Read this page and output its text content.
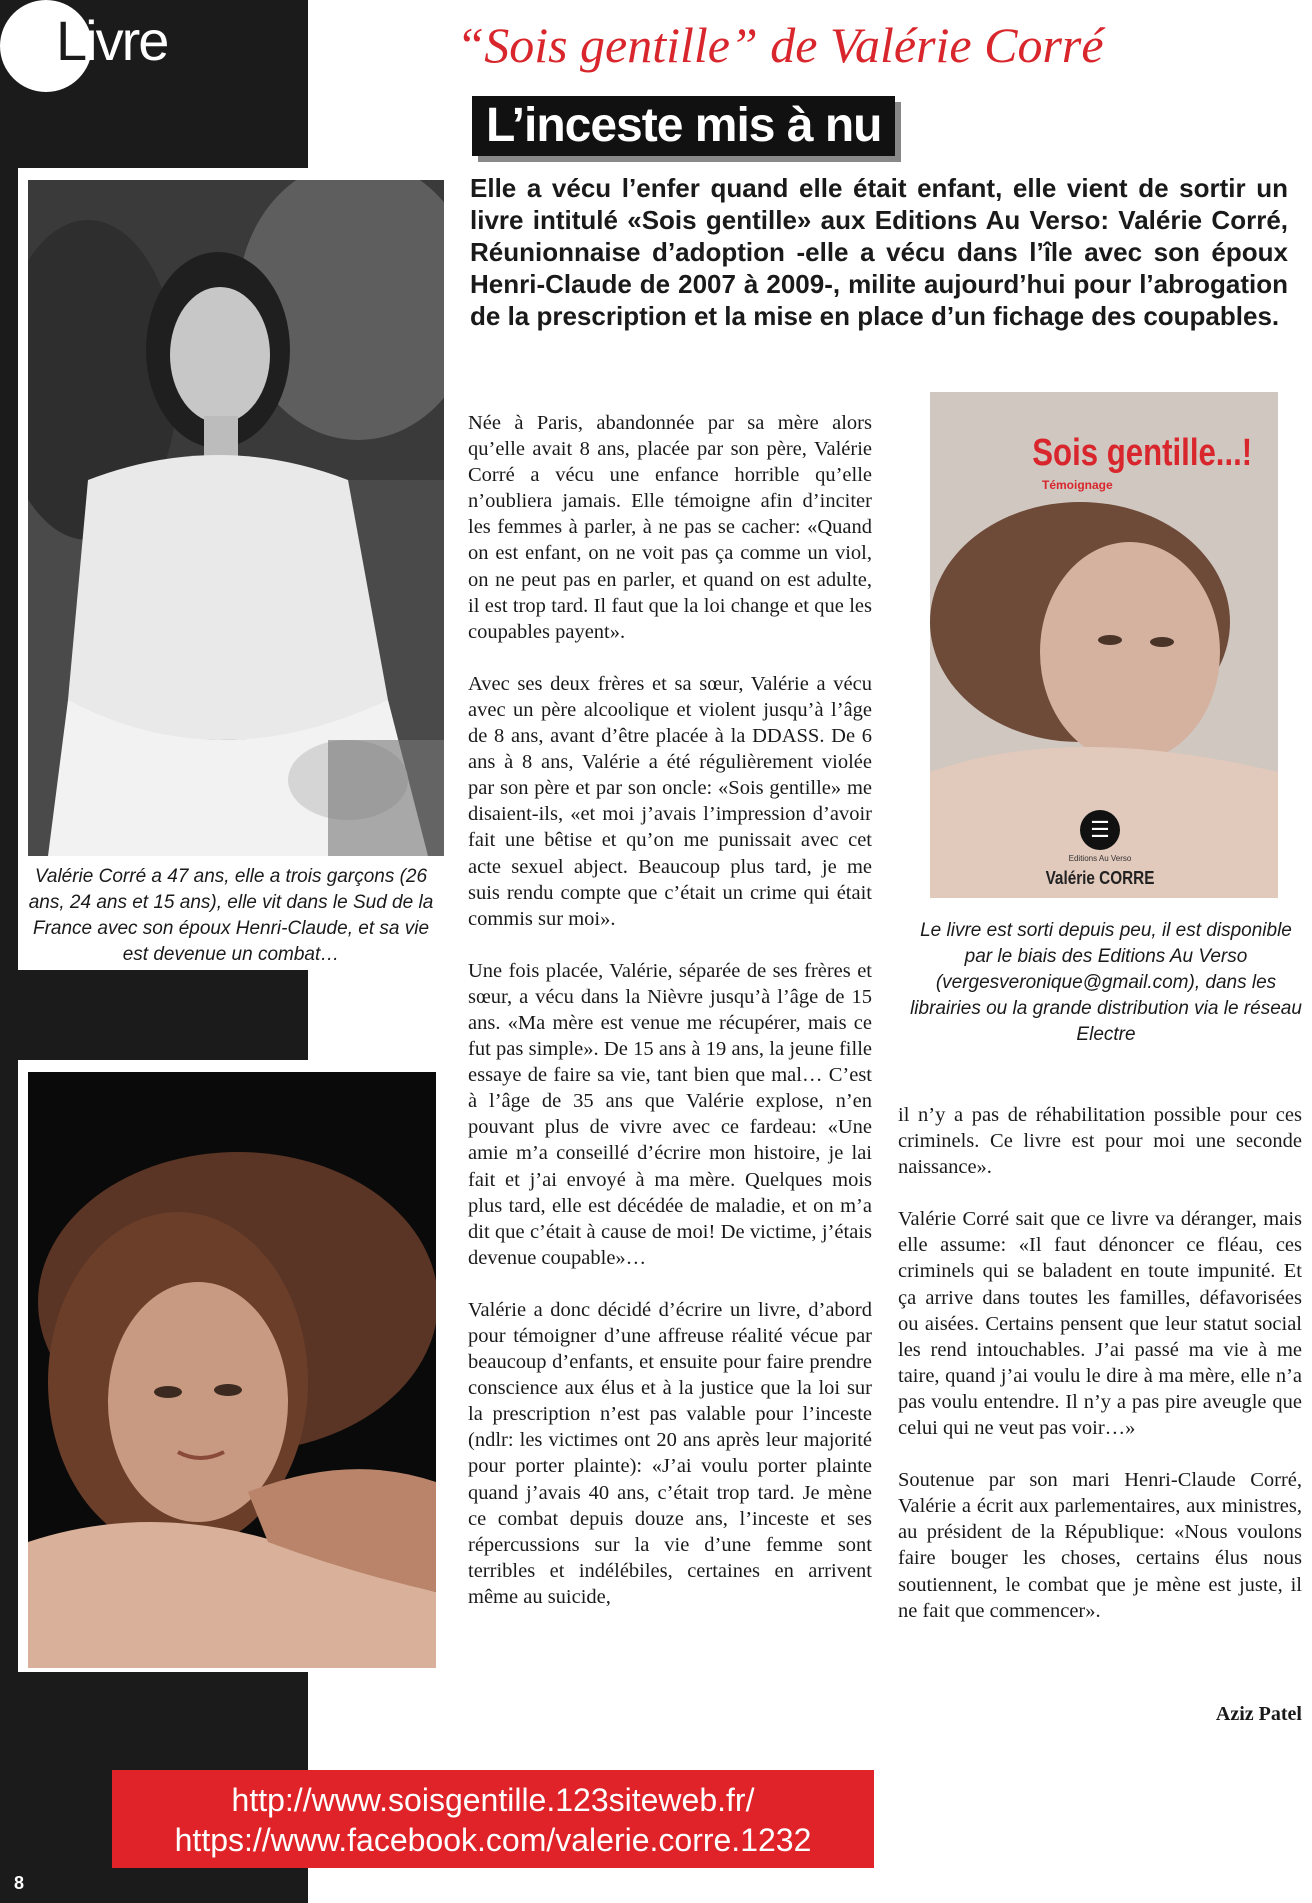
Livre	“Sois gentille” de Valérie Corré
L’inceste mis à nu
Elle a vécu l’enfer quand elle était enfant, elle vient de sortir un livre intitulé «Sois gentille» aux Editions Au Verso: Valérie Corré, Réunionnaise d’adoption -elle a vécu dans l’île avec son époux Henri-Claude de 2007 à 2009-, milite aujourd’hui pour l’abrogation de la prescription et la mise en place d’un fichage des coupables.
Valérie Corré a 47 ans, elle a trois garçons (26 ans, 24 ans et 15 ans), elle vit dans le Sud de la France avec son époux Henri-Claude, et sa vie est devenue un combat…
Sois gentille...!
Témoignage
☰
Editions Au Verso
Valérie CORRE
Le livre est sorti depuis peu, il est disponible par le biais des Editions Au Verso (vergesveronique@gmail.com), dans les librairies ou la grande distribution via le réseau Electre

Née à Paris, abandonnée par sa mère alors qu’elle avait 8 ans, placée par son père, Valérie Corré a vécu une enfance horrible qu’elle n’oubliera jamais. Elle témoigne afin d’inciter les femmes à parler, à ne pas se cacher: «Quand on est enfant, on ne voit pas ça comme un viol, on ne peut pas en parler, et quand on est adulte, il est trop tard. Il faut que la loi change et que les coupables payent».

Avec ses deux frères et sa sœur, Valérie a vécu avec un père alcoolique et violent jusqu’à l’âge de 8 ans, avant d’être placée à la DDASS. De 6 ans à 8 ans, Valérie a été régulièrement violée par son père et par son oncle: «Sois gentille» me disaient-ils, «et moi j’avais l’impression d’avoir fait une bêtise et qu’on me punissait avec cet acte sexuel abject. Beaucoup plus tard, je me suis rendu compte que c’était un crime qui était commis sur moi».

Une fois placée, Valérie, séparée de ses frères et sœur, a vécu dans la Nièvre jusqu’à l’âge de 15 ans. «Ma mère est venue me récupérer, mais ce fut pas simple». De 15 ans à 19 ans, la jeune fille essaye de faire sa vie, tant bien que mal… C’est à l’âge de 35 ans que Valérie explose, n’en pouvant plus de vivre avec ce fardeau: «Une amie m’a conseillé d’écrire mon histoire, je lai fait et j’ai envoyé à ma mère. Quelques mois plus tard, elle est décédée de maladie, et on m’a dit que c’était à cause de moi! De victime, j’étais devenue coupable»…

Valérie a donc décidé d’écrire un livre, d’abord pour témoigner d’une affreuse réalité vécue par beaucoup d’enfants, et ensuite pour faire prendre conscience aux élus et à la justice que la loi sur la prescription n’est pas valable pour l’inceste (ndlr: les victimes ont 20 ans après leur majorité pour porter plainte): «J’ai voulu porter plainte quand j’avais 40 ans, c’était trop tard. Je mène ce combat depuis douze ans, l’inceste et ses répercussions sur la vie d’une femme sont terribles et indélébiles, certaines en arrivent même au suicide,

il n’y a pas de réhabilitation possible pour ces criminels. Ce livre est pour moi une seconde naissance».

Valérie Corré sait que ce livre va déranger, mais elle assume: «Il faut dénoncer ce fléau, ces criminels qui se baladent en toute impunité. Et ça arrive dans toutes les familles, défavorisées ou aisées. Certains pensent que leur statut social les rend intouchables. J’ai passé ma vie à me taire, quand j’ai voulu le dire à ma mère, elle n’a pas voulu entendre. Il n’y a pas pire aveugle que celui qui ne veut pas voir…»

Soutenue par son mari Henri-Claude Corré, Valérie a écrit aux parlementaires, aux ministres, au président de la République: «Nous voulons faire bouger les choses, certains élus nous soutiennent, le combat que je mène est juste, il ne fait que commencer».

Aziz Patel
http://www.soisgentille.123siteweb.fr/
https://www.facebook.com/valerie.corre.1232
8
